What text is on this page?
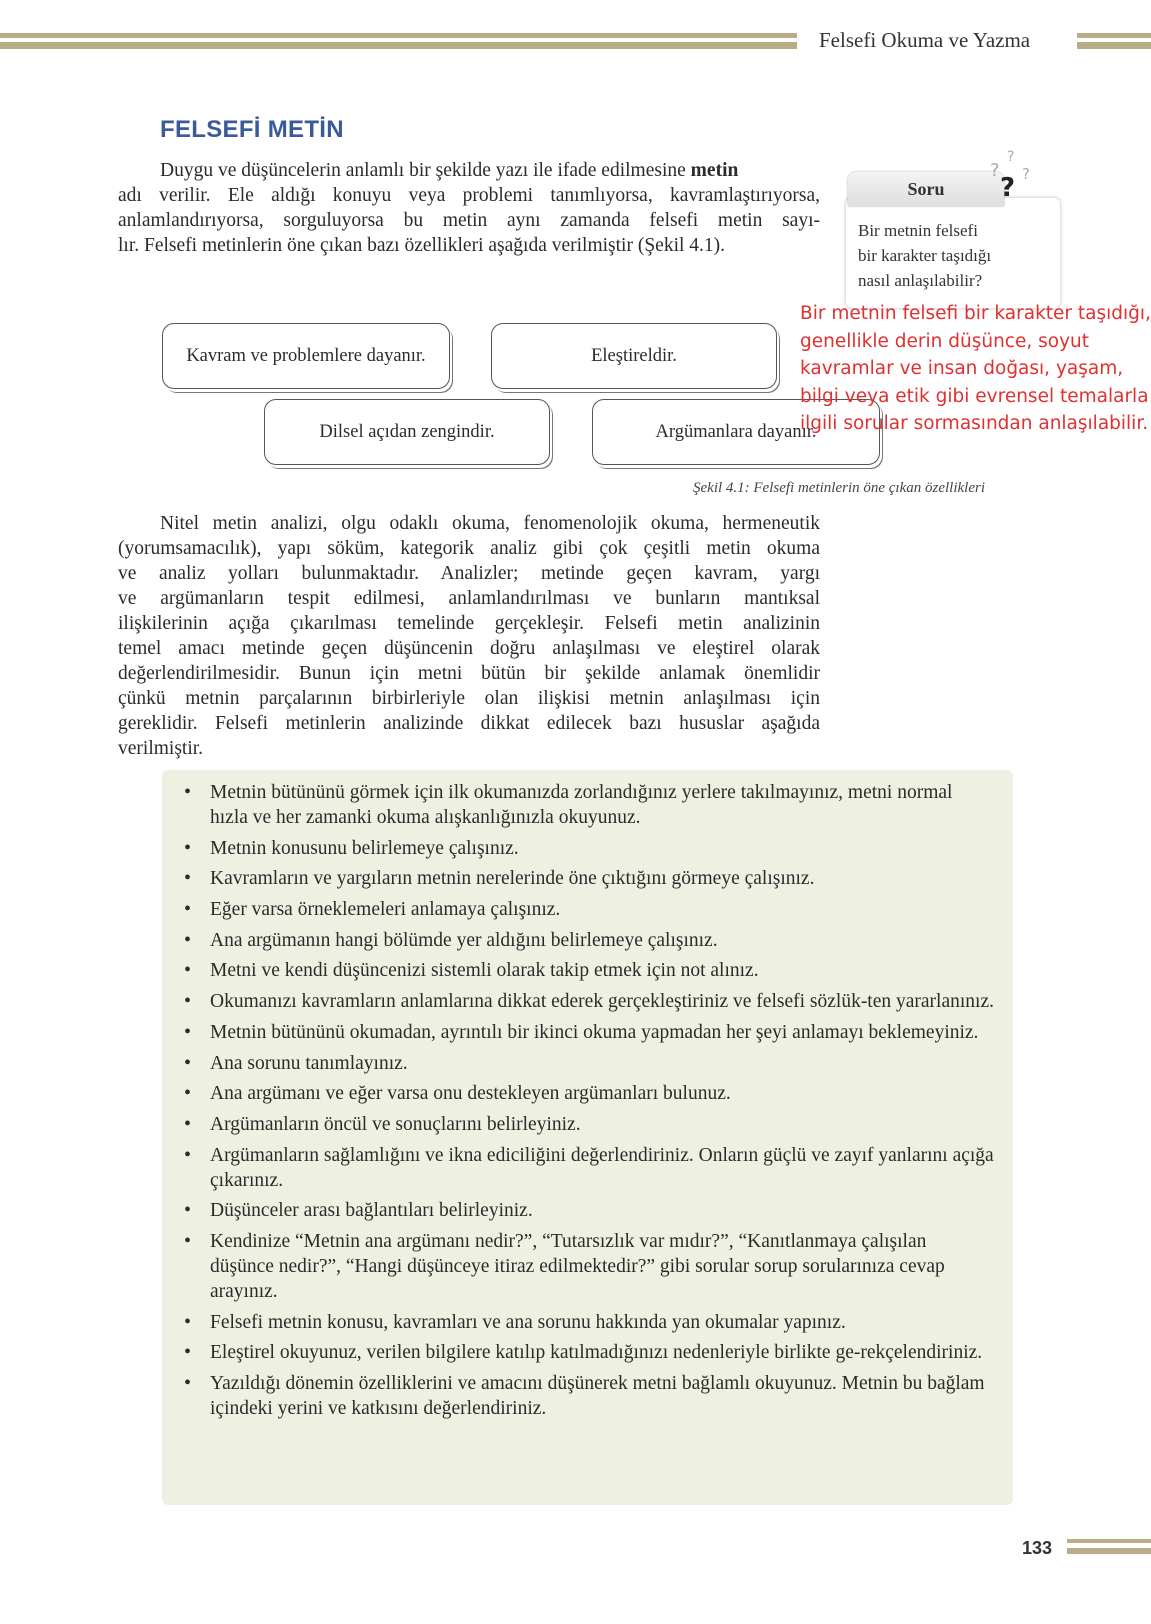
Felsefi Okuma ve Yazma
FELSEFİ METİN
Duygu ve düşüncelerin anlamlı bir şekilde yazı ile ifade edilmesine metin
adı verilir. Ele aldığı konuyu veya problemi tanımlıyorsa, kavramlaştırıyorsa,
anlamlandırıyorsa, sorguluyorsa bu metin aynı zamanda felsefi metin sayı-
lır. Felsefi metinlerin öne çıkan bazı özellikleri aşağıda verilmiştir (Şekil 4.1).
Soru
?
?
?
?
Bir metnin felsefi
bir karakter taşıdığı
nasıl anlaşılabilir?
Kavram ve problemlere dayanır.	Eleştireldir.
Dilsel açıdan zengindir.	Argümanlara dayanır.
Bir metnin felsefi bir karakter taşıdığı,
genellikle derin düşünce, soyut
kavramlar ve insan doğası, yaşam,
bilgi veya etik gibi evrensel temalarla
ilgili sorular sormasından anlaşılabilir.
Şekil 4.1: Felsefi metinlerin öne çıkan özellikleri
Nitel metin analizi, olgu odaklı okuma, fenomenolojik okuma, hermeneutik
(yorumsamacılık), yapı söküm, kategorik analiz gibi çok çeşitli metin okuma
ve analiz yolları bulunmaktadır. Analizler; metinde geçen kavram, yargı
ve argümanların tespit edilmesi, anlamlandırılması ve bunların mantıksal
ilişkilerinin açığa çıkarılması temelinde gerçekleşir. Felsefi metin analizinin
temel amacı metinde geçen düşüncenin doğru anlaşılması ve eleştirel olarak
değerlendirilmesidir. Bunun için metni bütün bir şekilde anlamak önemlidir
çünkü metnin parçalarının birbirleriyle olan ilişkisi metnin anlaşılması için
gereklidir. Felsefi metinlerin analizinde dikkat edilecek bazı hususlar aşağıda
verilmiştir.
• Metnin bütününü görmek için ilk okumanızda zorlandığınız yerlere takılmayınız, metni normal hızla ve her zamanki okuma alışkanlığınızla okuyunuz.
• Metnin konusunu belirlemeye çalışınız.
• Kavramların ve yargıların metnin nerelerinde öne çıktığını görmeye çalışınız.
• Eğer varsa örneklemeleri anlamaya çalışınız.
• Ana argümanın hangi bölümde yer aldığını belirlemeye çalışınız.
• Metni ve kendi düşüncenizi sistemli olarak takip etmek için not alınız.
• Okumanızı kavramların anlamlarına dikkat ederek gerçekleştiriniz ve felsefi sözlük-ten yararlanınız.
• Metnin bütününü okumadan, ayrıntılı bir ikinci okuma yapmadan her şeyi anlamayı beklemeyiniz.
• Ana sorunu tanımlayınız.
• Ana argümanı ve eğer varsa onu destekleyen argümanları bulunuz.
• Argümanların öncül ve sonuçlarını belirleyiniz.
• Argümanların sağlamlığını ve ikna ediciliğini değerlendiriniz. Onların güçlü ve zayıf yanlarını açığa çıkarınız.
• Düşünceler arası bağlantıları belirleyiniz.
• Kendinize “Metnin ana argümanı nedir?”, “Tutarsızlık var mıdır?”, “Kanıtlanmaya çalışılan düşünce nedir?”, “Hangi düşünceye itiraz edilmektedir?” gibi sorular sorup sorularınıza cevap arayınız.
• Felsefi metnin konusu, kavramları ve ana sorunu hakkında yan okumalar yapınız.
• Eleştirel okuyunuz, verilen bilgilere katılıp katılmadığınızı nedenleriyle birlikte ge-rekçelendiriniz.
• Yazıldığı dönemin özelliklerini ve amacını düşünerek metni bağlamlı okuyunuz. Metnin bu bağlam içindeki yerini ve katkısını değerlendiriniz.
133
